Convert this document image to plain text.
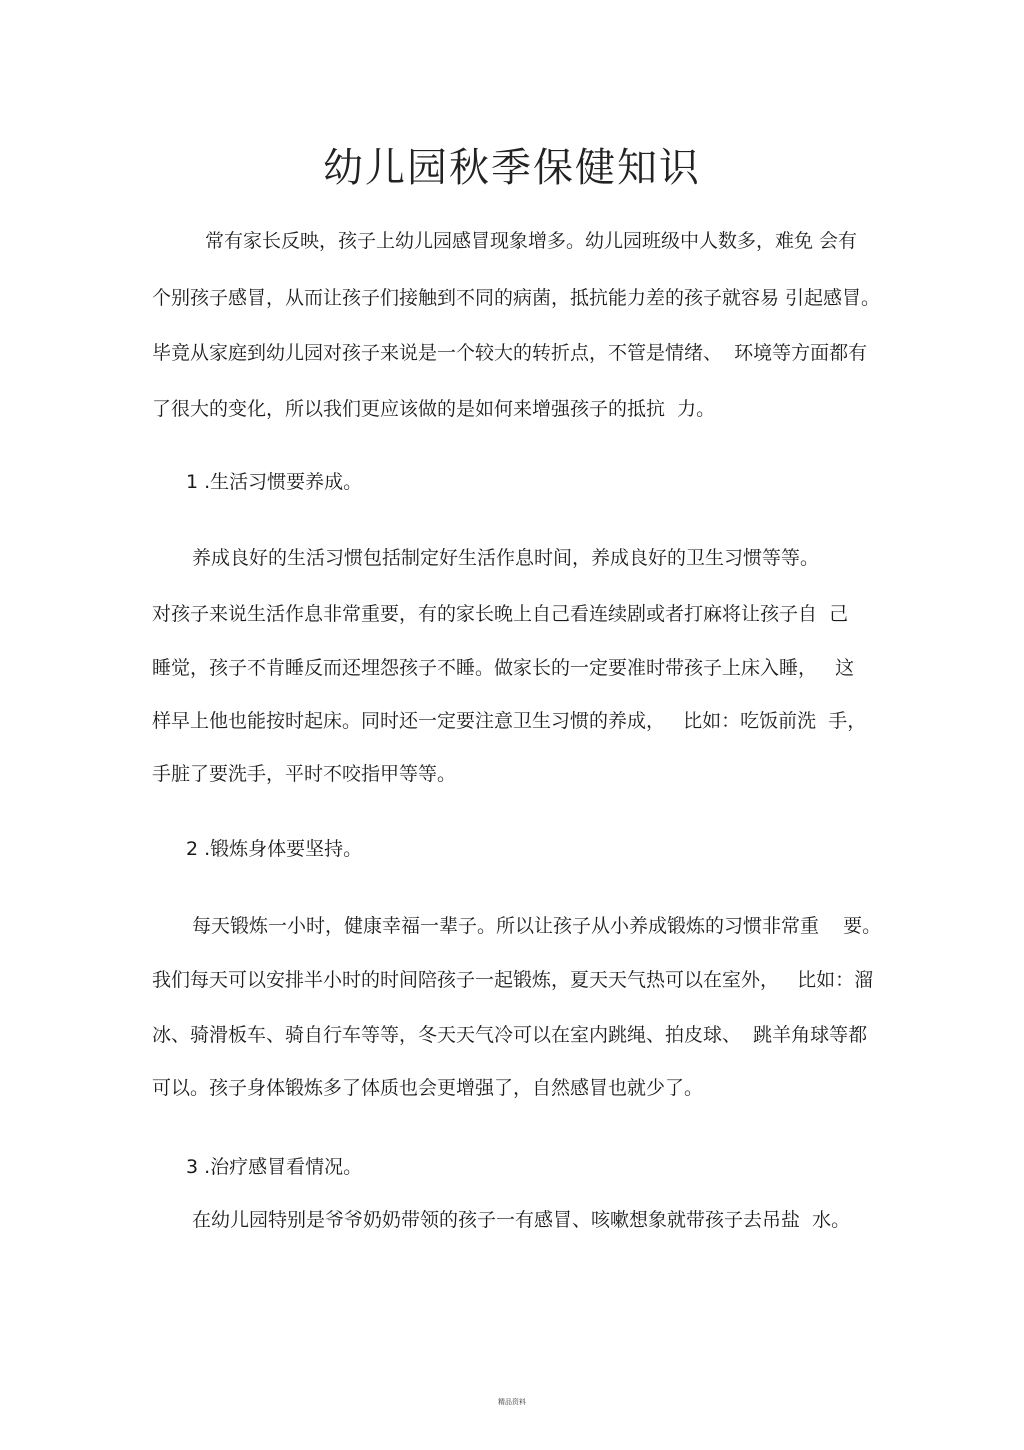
幼儿园秋季保健知识
常有家长反映，孩子上幼儿园感冒现象增多。幼儿园班级中人数多，难免 会有
个别孩子感冒，从而让孩子们接触到不同的病菌，抵抗能力差的孩子就容易 引起感冒。
毕竟从家庭到幼儿园对孩子来说是一个较大的转折点，不管是情绪、  环境等方面都有
了很大的变化，所以我们更应该做的是如何来增强孩子的抵抗  力。
1 .生活习惯要养成。
养成良好的生活习惯包括制定好生活作息时间，养成良好的卫生习惯等等。
对孩子来说生活作息非常重要，有的家长晚上自己看连续剧或者打麻将让孩子自  己
睡觉，孩子不肯睡反而还埋怨孩子不睡。做家长的一定要准时带孩子上床入睡，   这
样早上他也能按时起床。同时还一定要注意卫生习惯的养成，   比如：吃饭前洗  手，
手脏了要洗手，平时不咬指甲等等。
2 .锻炼身体要坚持。
每天锻炼一小时，健康幸福一辈子。所以让孩子从小养成锻炼的习惯非常重    要。
我们每天可以安排半小时的时间陪孩子一起锻炼，夏天天气热可以在室外，   比如：溜
冰、骑滑板车、骑自行车等等，冬天天气冷可以在室内跳绳、拍皮球、  跳羊角球等都
可以。孩子身体锻炼多了体质也会更增强了，自然感冒也就少了。
3 .治疗感冒看情况。
在幼儿园特别是爷爷奶奶带领的孩子一有感冒、咳嗽想象就带孩子去吊盐  水。
精品资料
